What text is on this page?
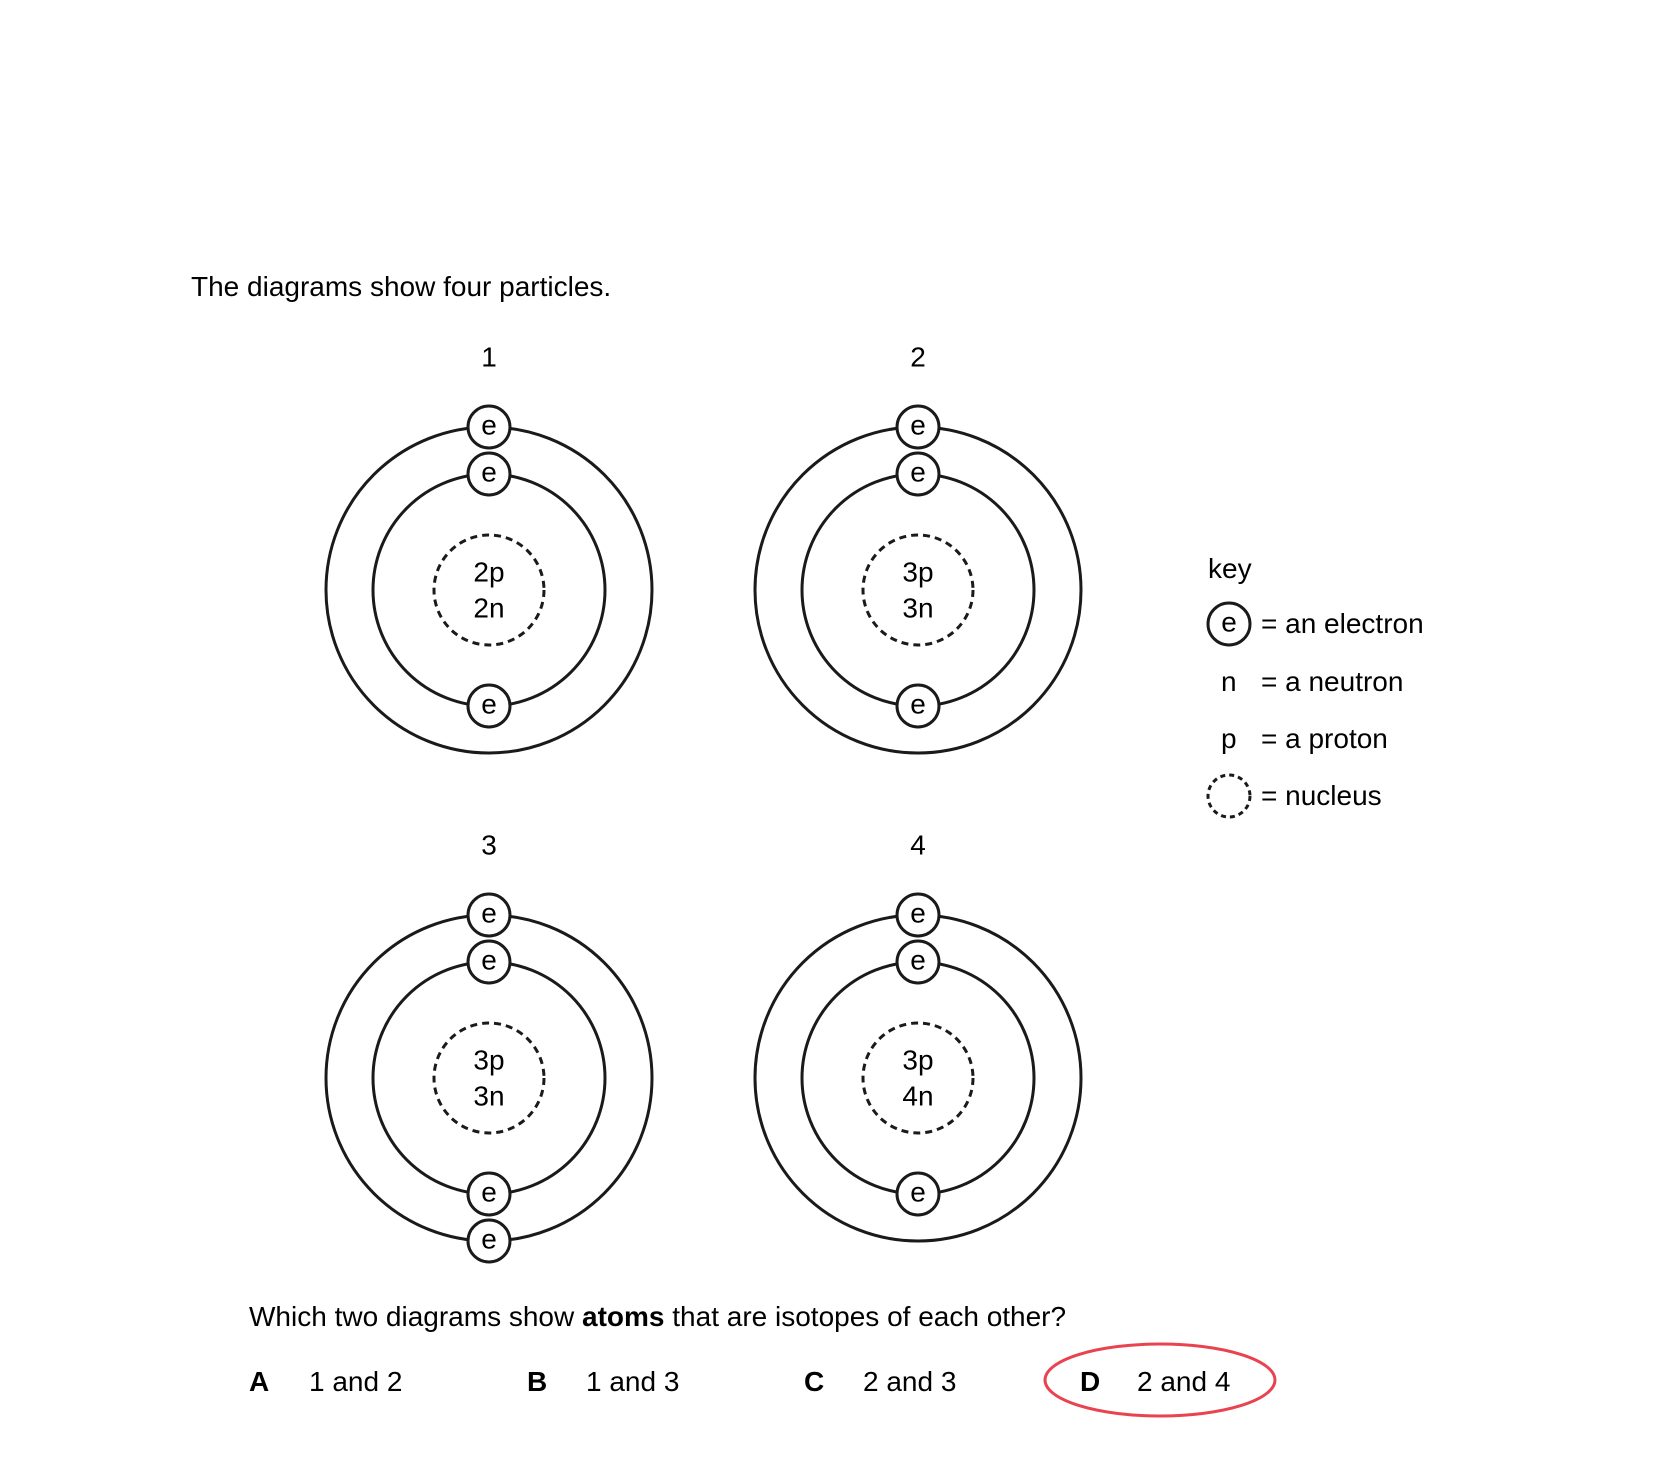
The diagrams show four particles.
1
2p
2n
e
e
e
2
3p
3n
e
e
e
3
3p
3n
e
e
e
e
4
3p
4n
e
e
e
e
key
= an electron
n = a neutron
p = a proton
= nucleus
Which two diagrams show atoms that are isotopes of each other?
A 1 and 2	B 1 and 3	C 2 and 3	D 2 and 4
